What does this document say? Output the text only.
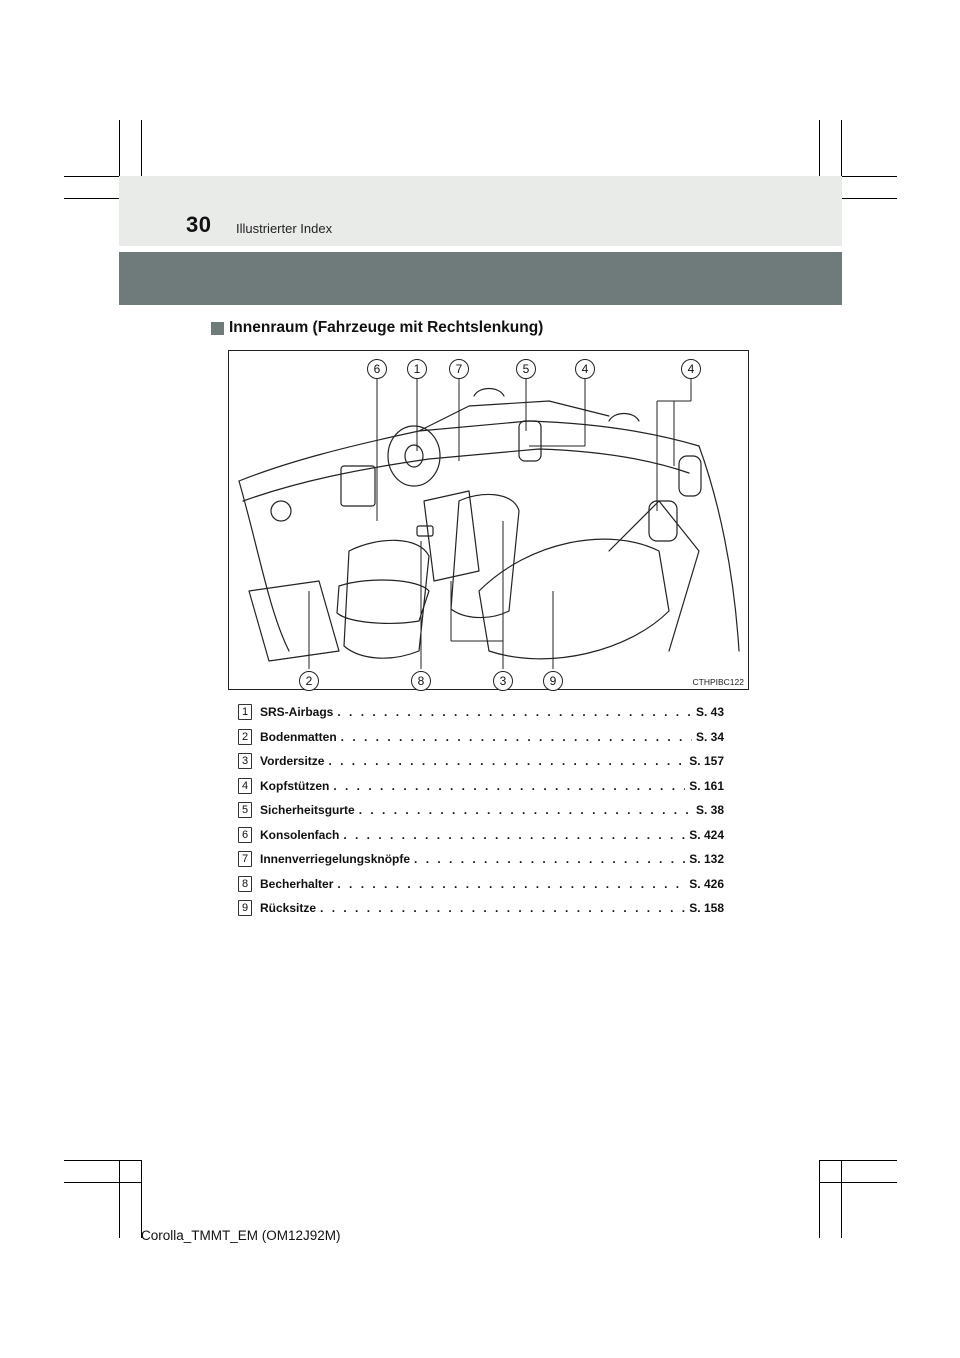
30 Illustrierter Index
Innenraum (Fahrzeuge mit Rechtslenkung)
CTHPIBC122
6	1	7	5	4	4
2	8	3	9
1 SRS-Airbags . . .	S. 43
2 Bodenmatten . . .	S. 34
3 Vordersitze . . .	S. 157
4 Kopfstützen . . .	S. 161
5 Sicherheitsgurte . . .	S. 38
6 Konsolenfach . . .	S. 424
7 Innenverriegelungsknöpfe . . .	S. 132
8 Becherhalter . . .	S. 426
9 Rücksitze . . .	S. 158
Corolla_TMMT_EM (OM12J92M)
